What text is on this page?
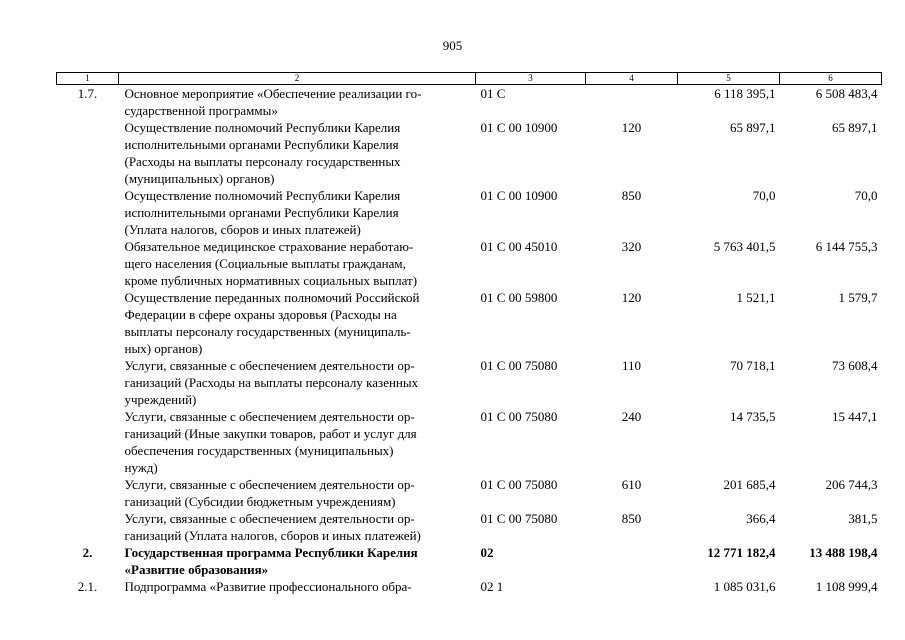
905
1	2	3	4	5	6
1.7.	Основное мероприятие «Обеспечение реализации го-
сударственной программы»	01 С		6 118 395,1	6 508 483,4
	Осуществление полномочий Республики Карелия
исполнительными органами Республики Карелия
(Расходы на выплаты персоналу государственных
(муниципальных) органов)	01 С 00 10900	120	65 897,1	65 897,1
	Осуществление полномочий Республики Карелия
исполнительными органами Республики Карелия
(Уплата налогов, сборов и иных платежей)	01 С 00 10900	850	70,0	70,0
	Обязательное медицинское страхование неработаю-
щего населения (Социальные выплаты гражданам,
кроме публичных нормативных социальных выплат)	01 С 00 45010	320	5 763 401,5	6 144 755,3
	Осуществление переданных полномочий Российской
Федерации в сфере охраны здоровья (Расходы на
выплаты персоналу государственных (муниципаль-
ных) органов)	01 С 00 59800	120	1 521,1	1 579,7
	Услуги, связанные с обеспечением деятельности ор-
ганизаций (Расходы на выплаты персоналу казенных
учреждений)	01 С 00 75080	110	70 718,1	73 608,4
	Услуги, связанные с обеспечением деятельности ор-
ганизаций (Иные закупки товаров, работ и услуг для
обеспечения государственных (муниципальных)
нужд)	01 С 00 75080	240	14 735,5	15 447,1
	Услуги, связанные с обеспечением деятельности ор-
ганизаций (Субсидии бюджетным учреждениям)	01 С 00 75080	610	201 685,4	206 744,3
	Услуги, связанные с обеспечением деятельности ор-
ганизаций (Уплата налогов, сборов и иных платежей)	01 С 00 75080	850	366,4	381,5
2.	Государственная программа Республики Карелия
«Развитие образования»	02		12 771 182,4	13 488 198,4
2.1.	Подпрограмма «Развитие профессионального обра-	02 1		1 085 031,6	1 108 999,4
